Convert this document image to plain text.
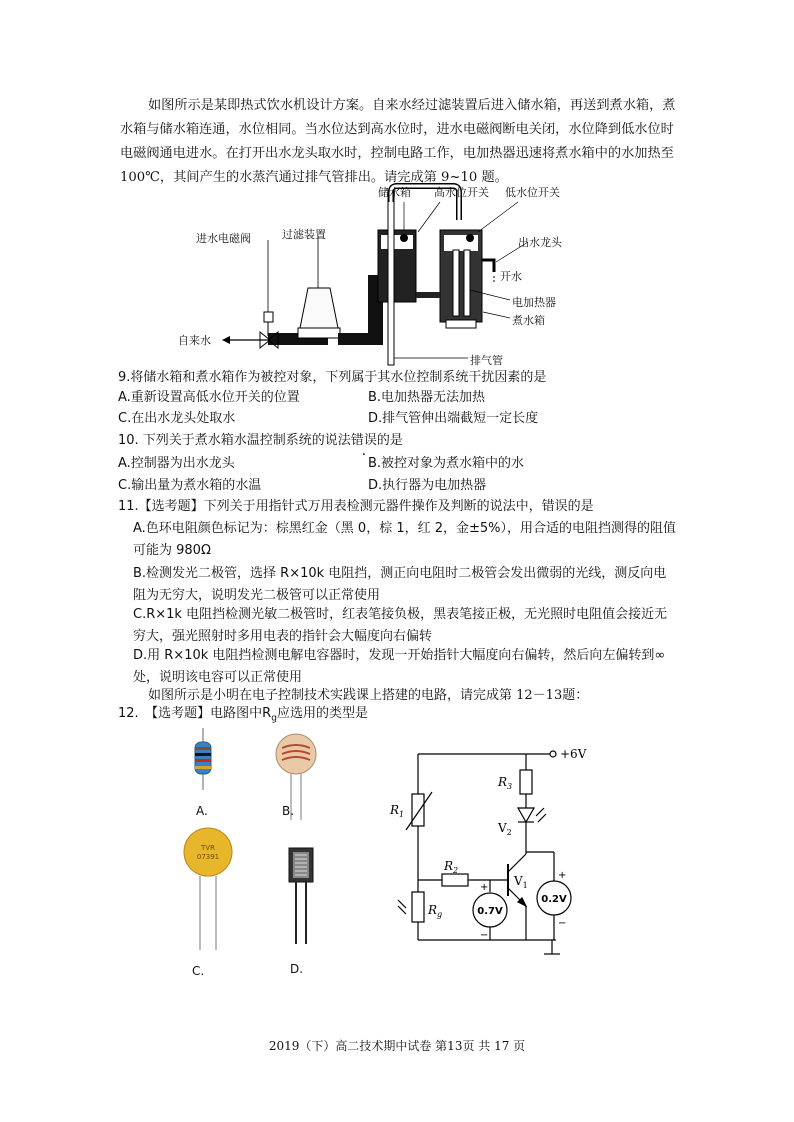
如图所示是某即热式饮水机设计方案。自来水经过滤装置后进入储水箱，再送到煮水箱，煮水箱与储水箱连通，水位相同。当水位达到高水位时，进水电磁阀断电关闭，水位降到低水位时电磁阀通电进水。在打开出水龙头取水时，控制电路工作，电加热器迅速将煮水箱中的水加热至100℃，其间产生的水蒸汽通过排气管排出。请完成第 9~10 题。
储水箱 高水位开关 低水位开关
进水电磁阀	过滤装置
出水龙头
开水
电加热器
煮水箱
自来水
排气管
9.将储水箱和煮水箱作为被控对象，下列属于其水位控制系统干扰因素的是
A.重新设置高低水位开关的位置	B.电加热器无法加热
C.在出水龙头处取水	D.排气管伸出端截短一定长度
10. 下列关于煮水箱水温控制系统的说法错误的是
A.控制器为出水龙头	B.被控对象为煮水箱中的水
C.输出量为煮水箱的水温	D.执行器为电加热器
11.【选考题】下列关于用指针式万用表检测元器件操作及判断的说法中，错误的是
A.色环电阻颜色标记为：棕黑红金（黑 0，棕 1，红 2，金±5%），用合适的电阻挡测得的阻值可能为 980Ω
B.检测发光二极管，选择 R×10k 电阻挡，测正向电阻时二极管会发出微弱的光线，测反向电阻为无穷大，说明发光二极管可以正常使用
C.R×1k 电阻挡检测光敏二极管时，红表笔接负极，黑表笔接正极，无光照时电阻值会接近无穷大，强光照射时多用电表的指针会大幅度向右偏转
D.用 R×10k 电阻挡检测电解电容器时，发现一开始指针大幅度向右偏转，然后向左偏转到∞处，说明该电容可以正常使用
如图所示是小明在电子控制技术实践课上搭建的电路，请完成第 12－13题：
12.　【选考题】电路图中$R_g$应选用的类型是
A.	B.
TVR
07391
C.	D.
0.7V
0.2V
+
−
+
−
+6V
$R_1$
$R_3$
$R_2$
$R_g$
$V_2$
$V_1$
2019（下）高二技术期中试卷 第13页 共 17 页
